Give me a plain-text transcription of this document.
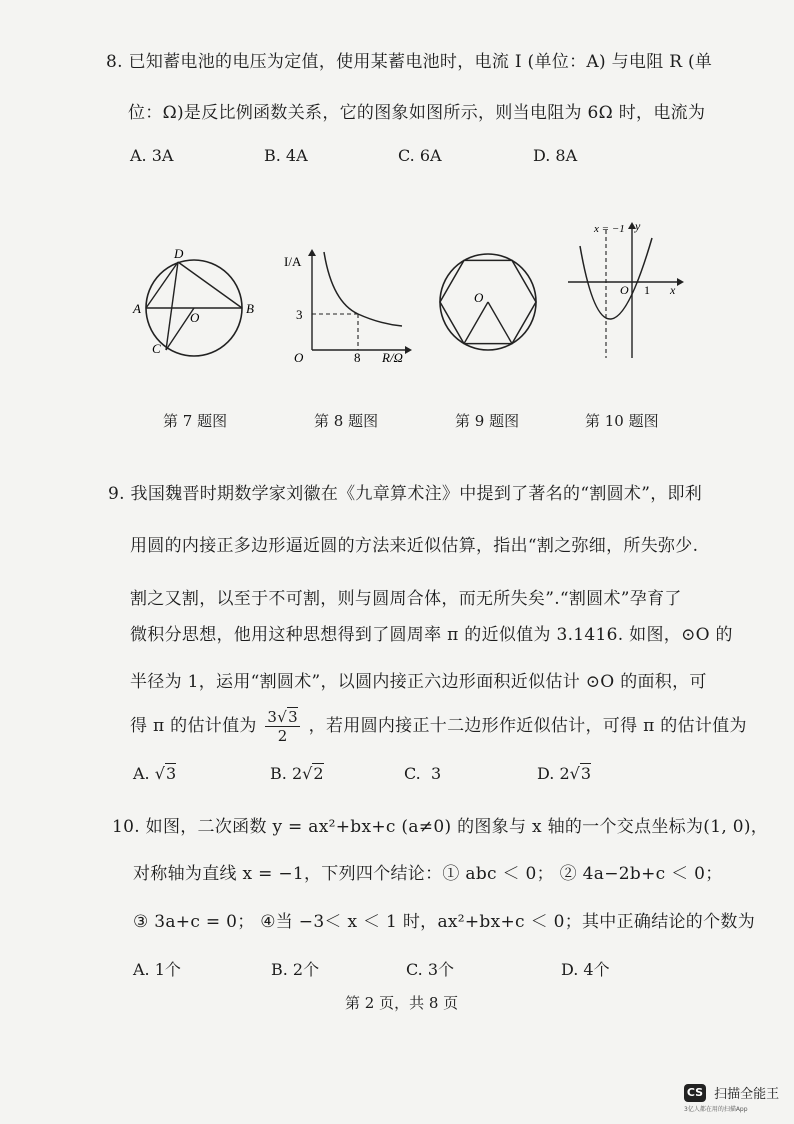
8. 已知蓄电池的电压为定值，使用某蓄电池时，电流 I (单位：A) 与电阻 R (单
位：Ω)是反比例函数关系，它的图象如图所示，则当电阻为 6Ω 时，电流为
A. 3A	B. 4A	C. 6A	D. 8A
D
A	B
O
C
I/A
R/Ω
O
3
8
O
x = −1 y
x
O 1
第 7 题图	第 8 题图	第 9 题图	第 10 题图
9. 我国魏晋时期数学家刘徽在《九章算术注》中提到了著名的“割圆术”，即利
用圆的内接正多边形逼近圆的方法来近似估算，指出“割之弥细，所失弥少.
割之又割，以至于不可割，则与圆周合体，而无所失矣”.“割圆术”孕育了
微积分思想，他用这种思想得到了圆周率 π 的近似值为 3.1416. 如图，⊙O 的
半径为 1，运用“割圆术”，以圆内接正六边形面积近似估计 ⊙O 的面积，可
得 π 的估计值为 $\frac{3√3}{2}$ ，若用圆内接正十二边形作近似估计，可得 π 的估计值为
A. √3	B. 2√2	C. 3	D. 2√3
10. 如图，二次函数 y = ax²+bx+c (a≠0) 的图象与 x 轴的一个交点坐标为(1, 0)，
对称轴为直线 x = −1，下列四个结论：① abc ＜ 0； ② 4a−2b+c ＜ 0；
③ 3a+c = 0； ④当 −3＜ x ＜ 1 时，ax²+bx+c ＜ 0；其中正确结论的个数为
A. 1个	B. 2个	C. 3个	D. 4个
第 2 页，共 8 页
CS 扫描全能王
3亿人都在用的扫描App
